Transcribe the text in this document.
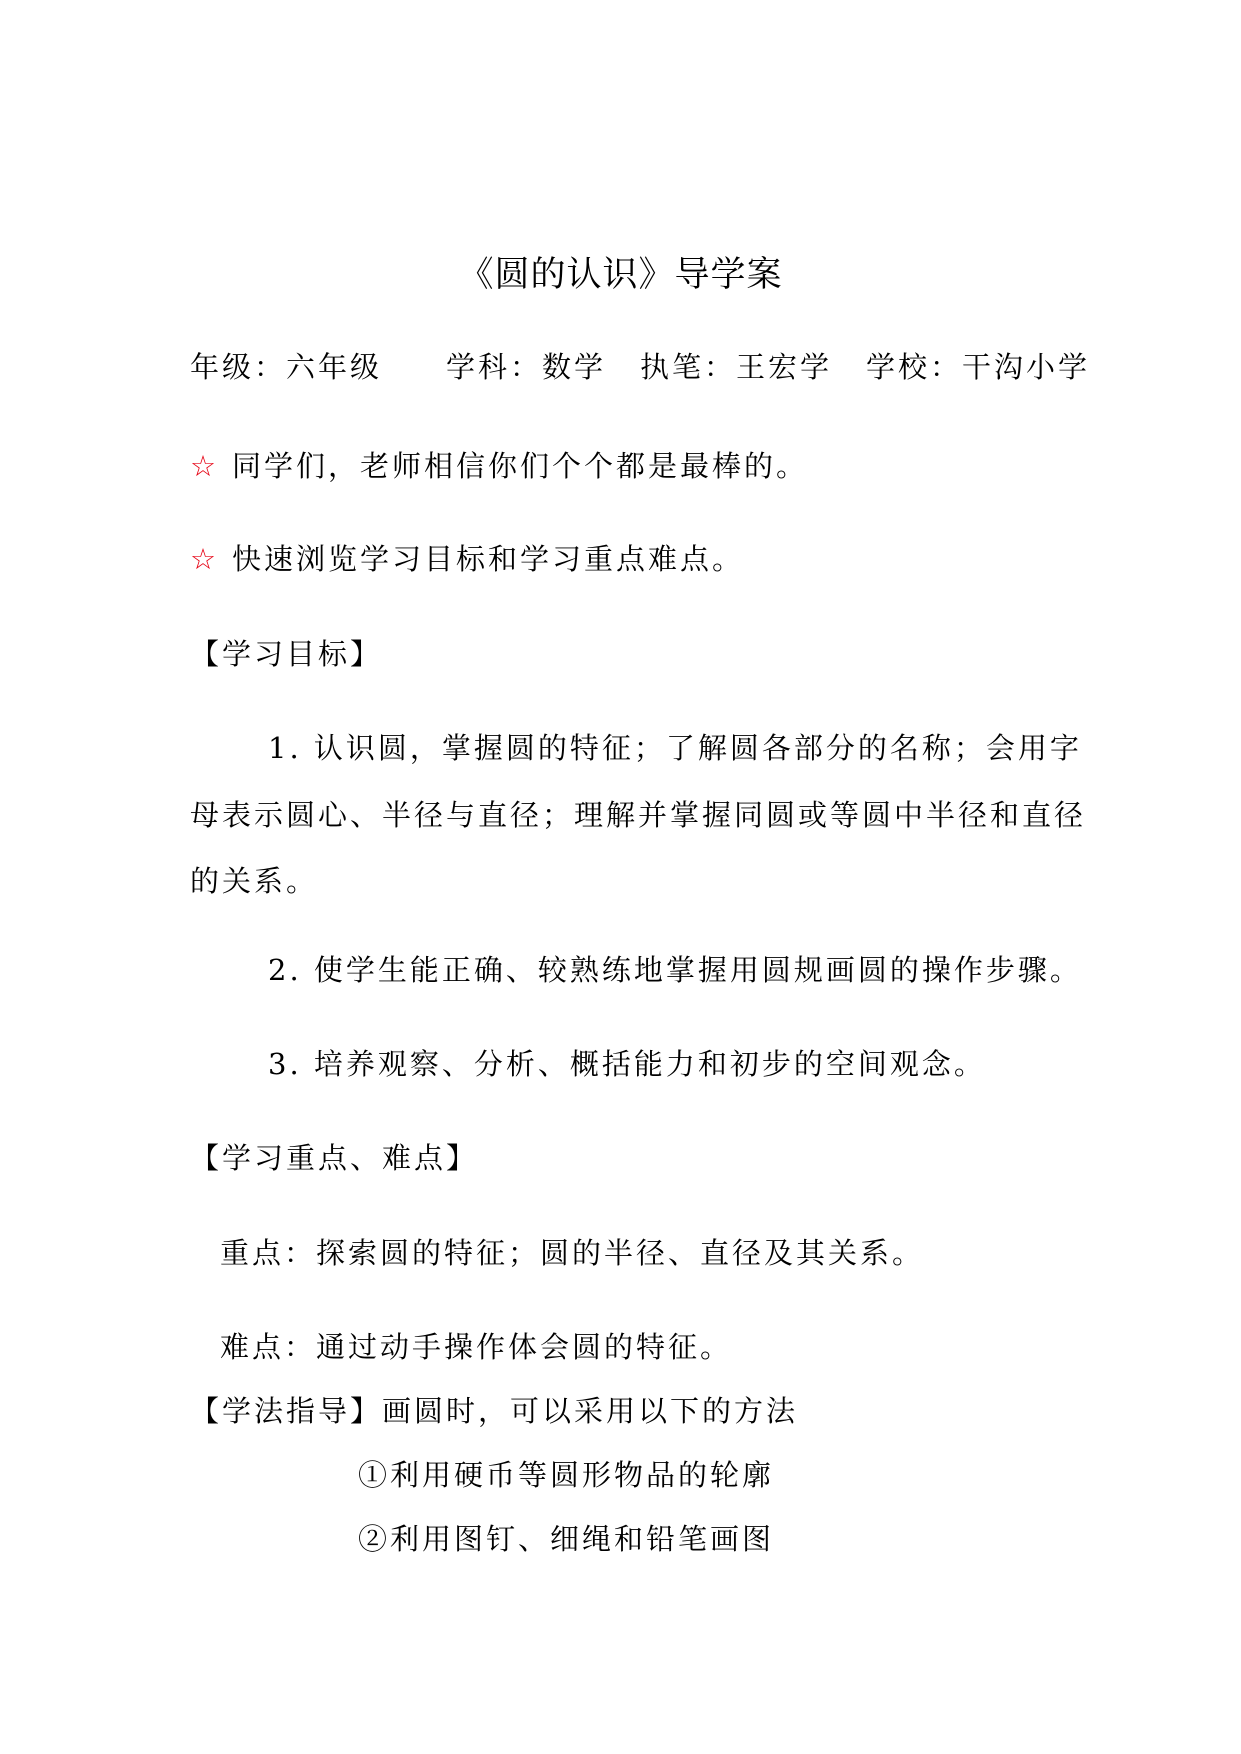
《圆的认识》导学案
年级：六年级 学科：数学 执笔：王宏学 学校：干沟小学
☆ 同学们，老师相信你们个个都是最棒的。
☆ 快速浏览学习目标和学习重点难点。
【学习目标】
1. 认识圆，掌握圆的特征；了解圆各部分的名称；会用字
母表示圆心、半径与直径；理解并掌握同圆或等圆中半径和直径
的关系。
2. 使学生能正确、较熟练地掌握用圆规画圆的操作步骤。
3. 培养观察、分析、概括能力和初步的空间观念。
【学习重点、难点】
重点：探索圆的特征；圆的半径、直径及其关系。
难点：通过动手操作体会圆的特征。
【学法指导】画圆时，可以采用以下的方法
①利用硬币等圆形物品的轮廓
②利用图钉、细绳和铅笔画图
